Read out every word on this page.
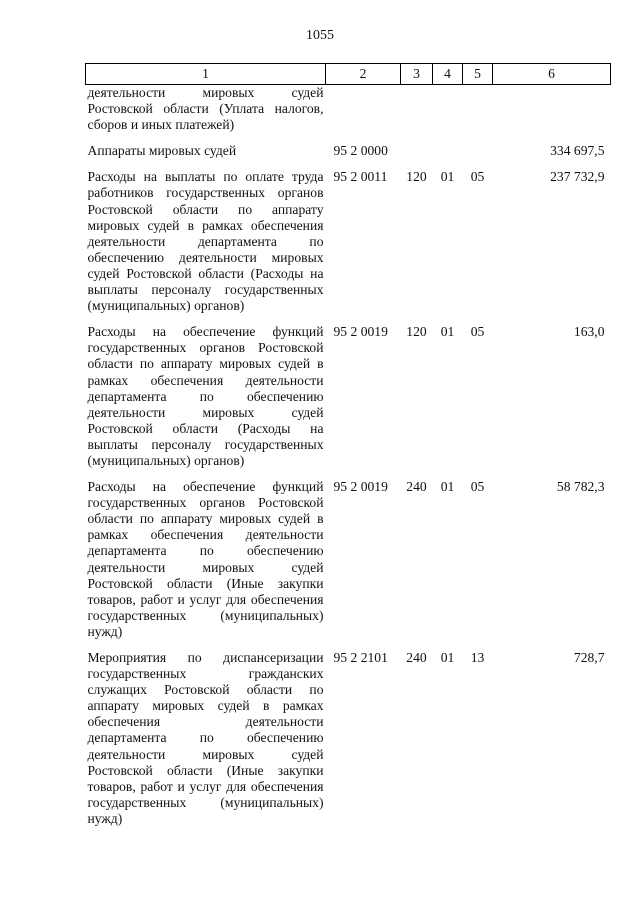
1055
1	2	3	4	5	6
деятельности мировых судей Ростовской области (Уплата налогов, сборов и иных платежей)					
Аппараты мировых судей	95 2 0000				334 697,5
Расходы на выплаты по оплате труда работников государственных органов Ростовской области по аппарату мировых судей в рамках обеспечения деятельности департамента по обеспечению деятельности мировых судей Ростовской области (Расходы на выплаты персоналу государственных (муниципальных) органов)	95 2 0011	120	01	05	237 732,9
Расходы на обеспечение функций государственных органов Ростовской области по аппарату мировых судей в рамках обеспечения деятельности департамента по обеспечению деятельности мировых судей Ростовской области (Расходы на выплаты персоналу государственных (муниципальных) органов)	95 2 0019	120	01	05	163,0
Расходы на обеспечение функций государственных органов Ростовской области по аппарату мировых судей в рамках обеспечения деятельности департамента по обеспечению деятельности мировых судей Ростовской области (Иные закупки товаров, работ и услуг для обеспечения государственных (муниципальных) нужд)	95 2 0019	240	01	05	58 782,3
Мероприятия по диспансеризации государственных гражданских служащих Ростовской области по аппарату мировых судей в рамках обеспечения деятельности департамента по обеспечению деятельности мировых судей Ростовской области (Иные закупки товаров, работ и услуг для обеспечения государственных (муниципальных) нужд)	95 2 2101	240	01	13	728,7
